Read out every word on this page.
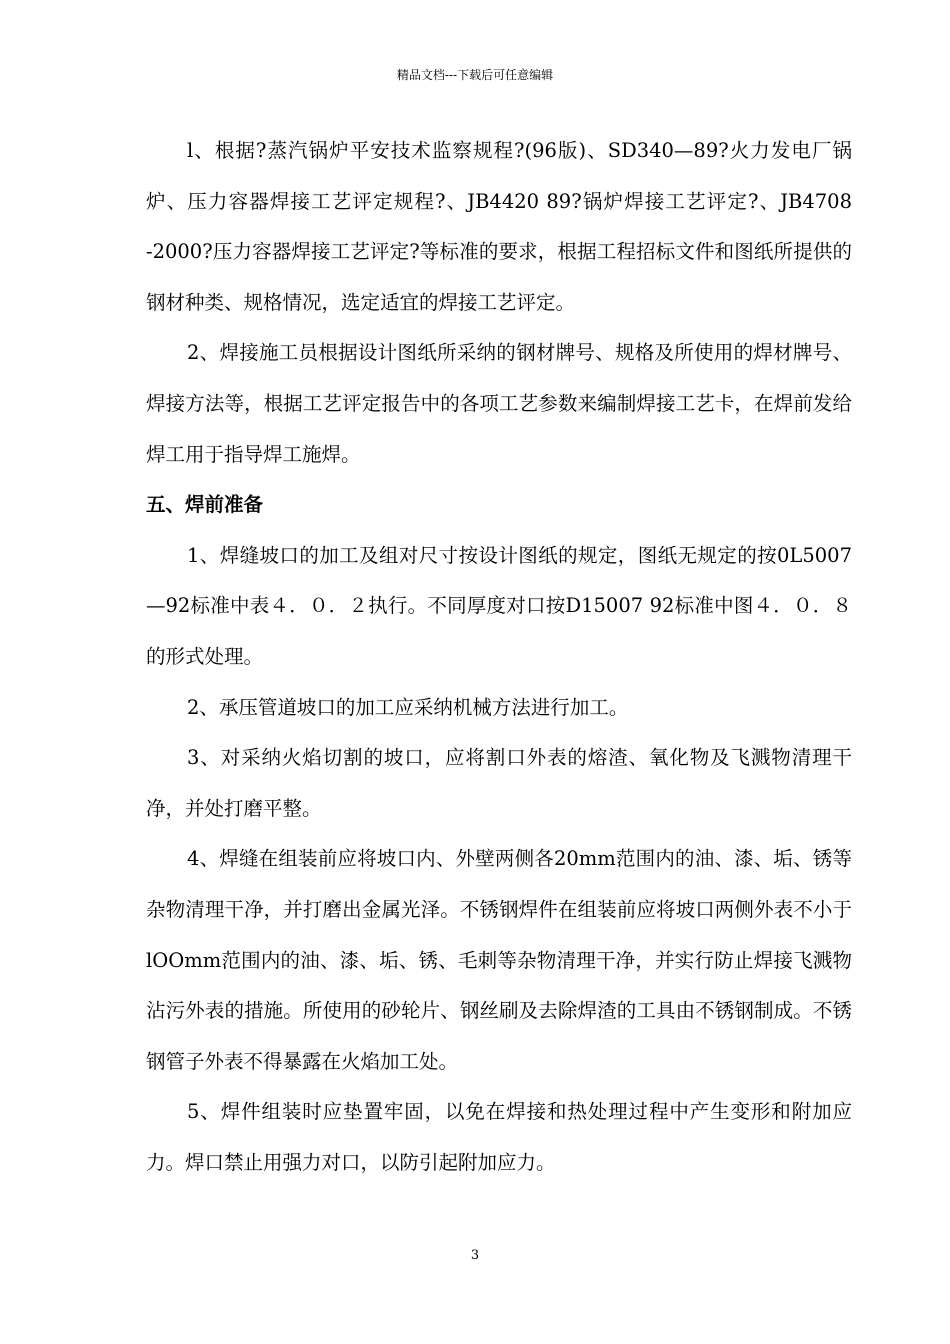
精品文档---下载后可任意编辑

l、根据?蒸汽锅炉平安技术监察规程?(96版)、SD340—89?火力发电厂锅炉、压力容器焊接工艺评定规程?、JB4420 89?锅炉焊接工艺评定?、JB4708 -2000?压力容器焊接工艺评定?等标准的要求，根据工程招标文件和图纸所提供的钢材种类、规格情况，选定适宜的焊接工艺评定。

2、焊接施工员根据设计图纸所采纳的钢材牌号、规格及所使用的焊材牌号、焊接方法等，根据工艺评定报告中的各项工艺参数来编制焊接工艺卡，在焊前发给焊工用于指导焊工施焊。

五、焊前准备

1、焊缝坡口的加工及组对尺寸按设计图纸的规定，图纸无规定的按0L5007—92标准中表４．０．２执行。不同厚度对口按D15007 92标准中图４．０．８的形式处理。

2、承压管道坡口的加工应采纳机械方法进行加工。

3、对采纳火焰切割的坡口，应将割口外表的熔渣、氧化物及飞溅物清理干净，并处打磨平整。

4、焊缝在组装前应将坡口内、外壁两侧各20mm范围内的油、漆、垢、锈等杂物清理干净，并打磨出金属光泽。不锈钢焊件在组装前应将坡口两侧外表不小于lOOmm范围内的油、漆、垢、锈、毛刺等杂物清理干净，并实行防止焊接飞溅物沾污外表的措施。所使用的砂轮片、钢丝刷及去除焊渣的工具由不锈钢制成。不锈钢管子外表不得暴露在火焰加工处。

5、焊件组装时应垫置牢固，以免在焊接和热处理过程中产生变形和附加应力。焊口禁止用强力对口，以防引起附加应力。

3
